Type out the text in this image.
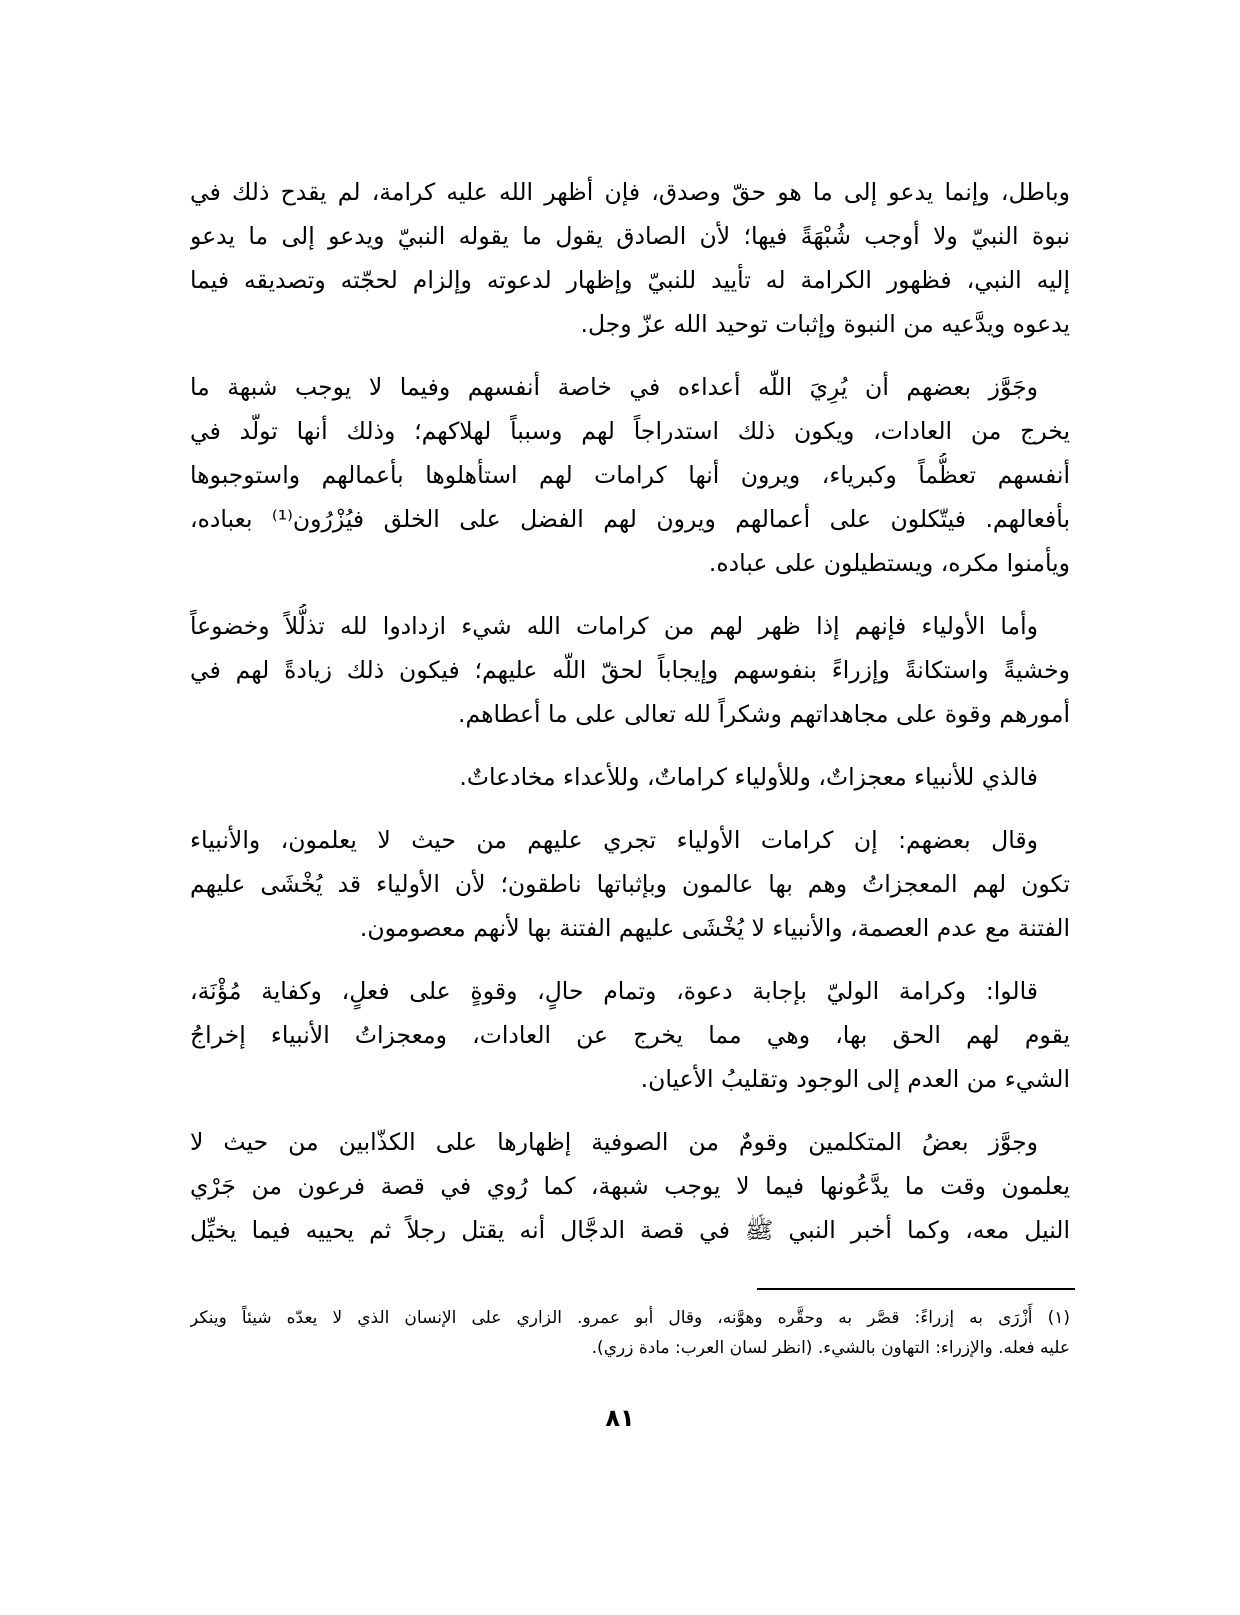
وباطل، وإنما يدعو إلى ما هو حقّ وصدق، فإن أظهر الله عليه كرامة، لم يقدح ذلك في
نبوة النبيّ ولا أوجب شُبْهَةً فيها؛ لأن الصادق يقول ما يقوله النبيّ ويدعو إلى ما يدعو
إليه النبي، فظهور الكرامة له تأييد للنبيّ وإظهار لدعوته وإلزام لحجّته وتصديقه فيما
يدعوه ويدَّعيه من النبوة وإثبات توحيد الله عزّ وجل.

وجَوَّز بعضهم أن يُرِيَ اللّه أعداءه في خاصة أنفسهم وفيما لا يوجب شبهة ما
يخرج من العادات، ويكون ذلك استدراجاً لهم وسبباً لهلاكهم؛ وذلك أنها تولّد في
أنفسهم تعظُّماً وكبرياء، ويرون أنها كرامات لهم استأهلوها بأعمالهم واستوجبوها
بأفعالهم. فيتّكلون على أعمالهم ويرون لهم الفضل على الخلق فيُزْرُون⁽¹⁾ بعباده،
ويأمنوا مكره، ويستطيلون على عباده.

وأما الأولياء فإنهم إذا ظهر لهم من كرامات الله شيء ازدادوا لله تذلُّلاً وخضوعاً
وخشيةً واستكانةً وإزراءً بنفوسهم وإيجاباً لحقّ اللّه عليهم؛ فيكون ذلك زيادةً لهم في
أمورهم وقوة على مجاهداتهم وشكراً لله تعالى على ما أعطاهم.

فالذي للأنبياء معجزاتٌ، وللأولياء كراماتٌ، وللأعداء مخادعاتٌ.

وقال بعضهم: إن كرامات الأولياء تجري عليهم من حيث لا يعلمون، والأنبياء
تكون لهم المعجزاتُ وهم بها عالمون وبإثباتها ناطقون؛ لأن الأولياء قد يُخْشَى عليهم
الفتنة مع عدم العصمة، والأنبياء لا يُخْشَى عليهم الفتنة بها لأنهم معصومون.

قالوا: وكرامة الوليّ بإجابة دعوة، وتمام حالٍ، وقوةٍ على فعلٍ، وكفاية مُؤْنَة،
يقوم لهم الحق بها، وهي مما يخرج عن العادات، ومعجزاتُ الأنبياء إخراجُ
الشيء من العدم إلى الوجود وتقليبُ الأعيان.

وجوَّز بعضُ المتكلمين وقومٌ من الصوفية إظهارها على الكذّابين من حيث لا
يعلمون وقت ما يدَّعُونها فيما لا يوجب شبهة، كما رُوي في قصة فرعون من جَرْي
النيل معه، وكما أخبر النبي ﷺ في قصة الدجَّال أنه يقتل رجلاً ثم يحييه فيما يخيِّل

(١) أَزْرَى به إزراءً: قصَّر به وحقَّره وهوَّنه، وقال أبو عمرو. الزاري على الإنسان الذي لا يعدّه شيئاً وينكر
عليه فعله. والإزراء: التهاون بالشيء. (انظر لسان العرب: مادة زري).
٨١
